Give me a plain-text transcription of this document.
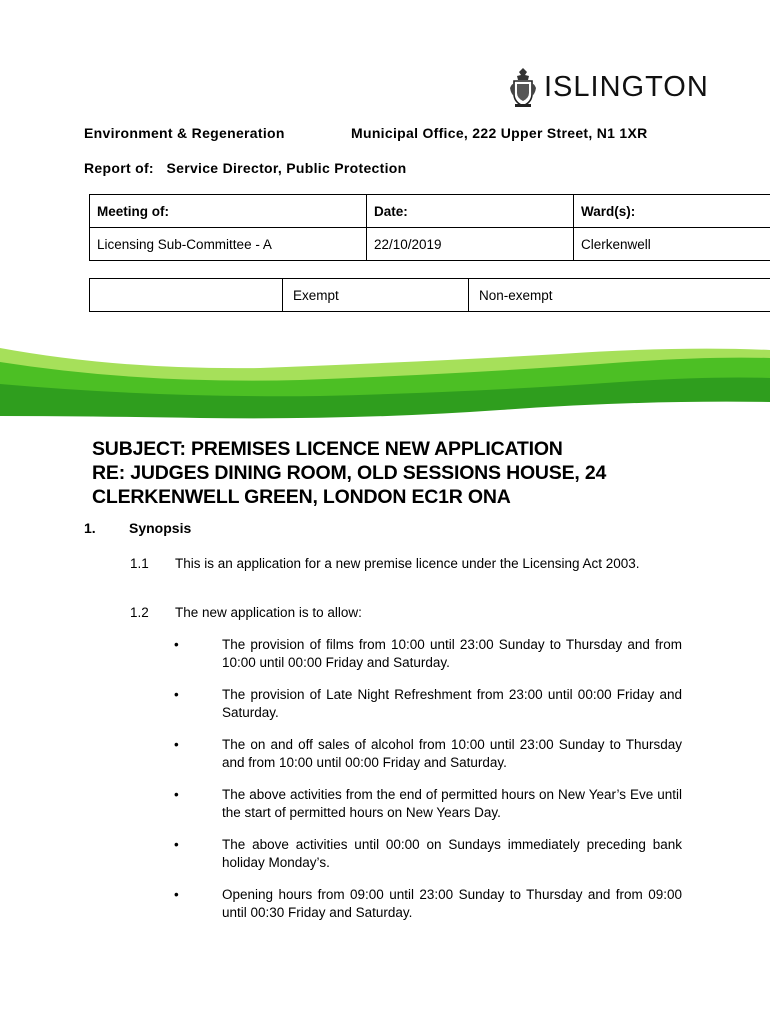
ISLINGTON
Environment & Regeneration	Municipal Office, 222 Upper Street, N1 1XR
Report of: Service Director, Public Protection
Meeting of:	Date:	Ward(s):
Licensing Sub-Committee - A	22/10/2019	Clerkenwell
	Exempt	Non-exempt
SUBJECT: PREMISES LICENCE NEW APPLICATION
RE: JUDGES DINING ROOM, OLD SESSIONS HOUSE, 24
CLERKENWELL GREEN, LONDON EC1R ONA
1. Synopsis
1.1 This is an application for a new premise licence under the Licensing Act 2003.
1.2 The new application is to allow:
•	The provision of films from 10:00 until 23:00 Sunday to Thursday and from 10:00 until 00:00 Friday and Saturday.
•	The provision of Late Night Refreshment from 23:00 until 00:00 Friday and Saturday.
•	The on and off sales of alcohol from 10:00 until 23:00 Sunday to Thursday and from 10:00 until 00:00 Friday and Saturday.
•	The above activities from the end of permitted hours on New Year’s Eve until the start of permitted hours on New Years Day.
•	The above activities until 00:00 on Sundays immediately preceding bank holiday Monday’s.
•	Opening hours from 09:00 until 23:00 Sunday to Thursday and from 09:00 until 00:30 Friday and Saturday.
